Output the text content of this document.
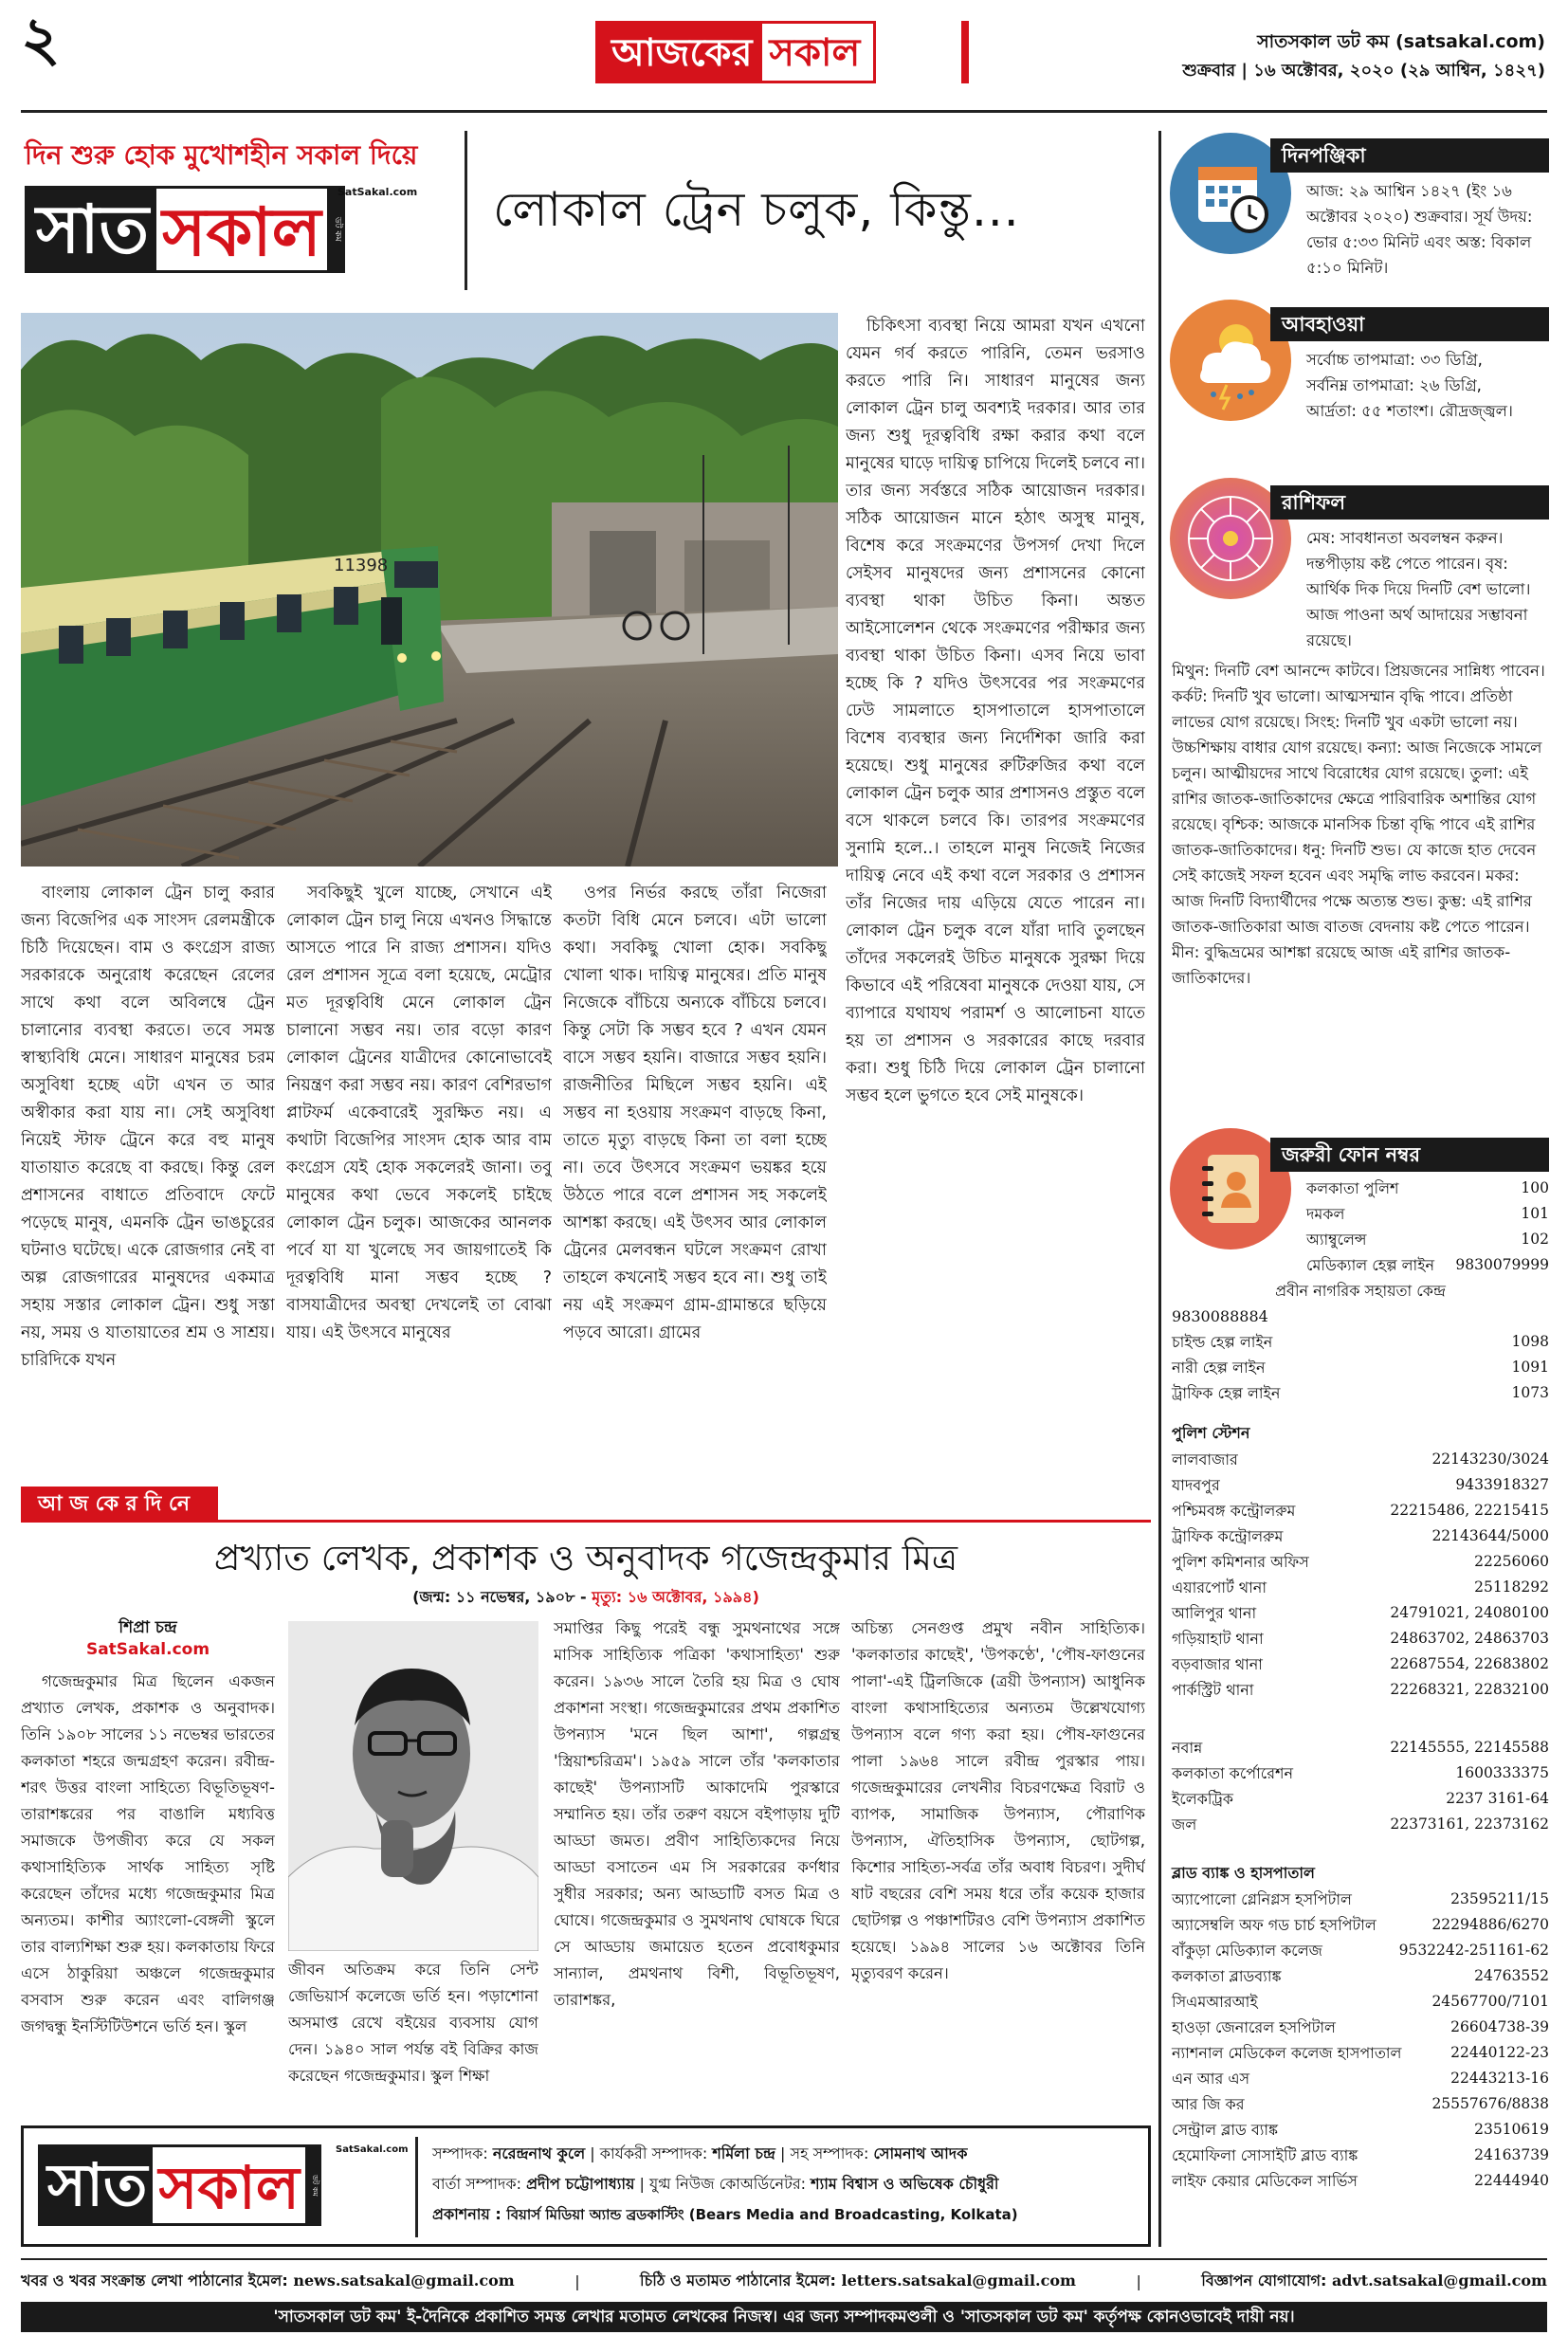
২	আজকের সকাল	সাতসকাল ডট কম (satsakal.com)
শুক্রবার | ১৬ অক্টোবর, ২০২০ (২৯ আশ্বিন, ১৪২৭)
দিন শুরু হোক মুখোশহীন সকাল দিয়ে
সাত সকাল	ডট কম
SatSakal.com লোকাল ট্রেন চলুক, কিন্তু...
11398

বাংলায় লোকাল ট্রেন চালু করার জন্য বিজেপির এক সাংসদ রেলমন্ত্রীকে চিঠি দিয়েছেন। বাম ও কংগ্রেস রাজ্য সরকারকে অনুরোধ করেছেন রেলের সাথে কথা বলে অবিলম্বে ট্রেন চালানোর ব্যবস্থা করতে। তবে সমস্ত স্বাস্থ্যবিধি মেনে। সাধারণ মানুষের চরম অসুবিধা হচ্ছে এটা এখন ত আর অস্বীকার করা যায় না। সেই অসুবিধা নিয়েই স্টাফ ট্রেনে করে বহু মানুষ যাতায়াত করেছে বা করছে। কিন্তু রেল প্রশাসনের বাধাতে প্রতিবাদে ফেটে পড়েছে মানুষ, এমনকি ট্রেন ভাঙচুরের ঘটনাও ঘটেছে। একে রোজগার নেই বা অল্প রোজগারের মানুষদের একমাত্র সহায় সস্তার লোকাল ট্রেন। শুধু সস্তা নয়, সময় ও যাতায়াতের শ্রম ও সাশ্রয়। চারিদিকে যখন

সবকিছুই খুলে যাচ্ছে, সেখানে এই লোকাল ট্রেন চালু নিয়ে এখনও সিদ্ধান্তে আসতে পারে নি রাজ্য প্রশাসন। যদিও রেল প্রশাসন সূত্রে বলা হয়েছে, মেট্রোর মত দূরত্ববিধি মেনে লোকাল ট্রেন চালানো সম্ভব নয়। তার বড়ো কারণ লোকাল ট্রেনের যাত্রীদের কোনোভাবেই নিয়ন্ত্রণ করা সম্ভব নয়। কারণ বেশিরভাগ প্লাটফর্ম একেবারেই সুরক্ষিত নয়। এ কথাটা বিজেপির সাংসদ হোক আর বাম কংগ্রেস যেই হোক সকলেরই জানা। তবু মানুষের কথা ভেবে সকলেই চাইছে লোকাল ট্রেন চলুক। আজকের আনলক পর্বে যা যা খুলেছে সব জায়গাতেই কি দূরত্ববিধি মানা সম্ভব হচ্ছে ? বাসযাত্রীদের অবস্থা দেখলেই তা বোঝা যায়। এই উৎসবে মানুষের

ওপর নির্ভর করছে তাঁরা নিজেরা কতটা বিধি মেনে চলবে। এটা ভালো কথা। সবকিছু খোলা হোক। সবকিছু খোলা থাক। দায়িত্ব মানুষের। প্রতি মানুষ নিজেকে বাঁচিয়ে অন্যকে বাঁচিয়ে চলবে। কিন্তু সেটা কি সম্ভব হবে ? এখন যেমন বাসে সম্ভব হয়নি। বাজারে সম্ভব হয়নি। রাজনীতির মিছিলে সম্ভব হয়নি। এই সম্ভব না হওয়ায় সংক্রমণ বাড়ছে কিনা, তাতে মৃত্যু বাড়ছে কিনা তা বলা হচ্ছে না। তবে উৎসবে সংক্রমণ ভয়ঙ্কর হয়ে উঠতে পারে বলে প্রশাসন সহ সকলেই আশঙ্কা করছে। এই উৎসব আর লোকাল ট্রেনের মেলবন্ধন ঘটলে সংক্রমণ রোখা তাহলে কখনোই সম্ভব হবে না। শুধু তাই নয় এই সংক্রমণ গ্রাম-গ্রামান্তরে ছড়িয়ে পড়বে আরো। গ্রামের

চিকিৎসা ব্যবস্থা নিয়ে আমরা যখন এখনো যেমন গর্ব করতে পারিনি, তেমন ভরসাও করতে পারি নি। সাধারণ মানুষের জন্য লোকাল ট্রেন চালু অবশ্যই দরকার। আর তার জন্য শুধু দূরত্ববিধি রক্ষা করার কথা বলে মানুষের ঘাড়ে দায়িত্ব চাপিয়ে দিলেই চলবে না। তার জন্য সর্বস্তরে সঠিক আয়োজন দরকার। সঠিক আয়োজন মানে হঠাৎ অসুস্থ মানুষ, বিশেষ করে সংক্রমণের উপসর্গ দেখা দিলে সেইসব মানুষদের জন্য প্রশাসনের কোনো ব্যবস্থা থাকা উচিত কিনা। অন্তত আইসোলেশন থেকে সংক্রমণের পরীক্ষার জন্য ব্যবস্থা থাকা উচিত কিনা। এসব নিয়ে ভাবা হচ্ছে কি ? যদিও উৎসবের পর সংক্রমণের ঢেউ সামলাতে হাসপাতালে হাসপাতালে বিশেষ ব্যবস্থার জন্য নির্দেশিকা জারি করা হয়েছে। শুধু মানুষের রুটিরুজির কথা বলে লোকাল ট্রেন চলুক আর প্রশাসনও প্রস্তুত বলে বসে থাকলে চলবে কি। তারপর সংক্রমণের সুনামি হলে..। তাহলে মানুষ নিজেই নিজের দায়িত্ব নেবে এই কথা বলে সরকার ও প্রশাসন তাঁর নিজের দায় এড়িয়ে যেতে পারেন না। লোকাল ট্রেন চলুক বলে যাঁরা দাবি তুলছেন তাঁদের সকলেরই উচিত মানুষকে সুরক্ষা দিয়ে কিভাবে এই পরিষেবা মানুষকে দেওয়া যায়, সে ব্যাপারে যথাযথ পরামর্শ ও আলোচনা যাতে হয় তা প্রশাসন ও সরকারের কাছে দরবার করা। শুধু চিঠি দিয়ে লোকাল ট্রেন চালানো সম্ভব হলে ভুগতে হবে সেই মানুষকে।

আ জ কে র দি নে
প্রখ্যাত লেখক, প্রকাশক ও অনুবাদক গজেন্দ্রকুমার মিত্র
(জন্ম: ১১ নভেম্বর, ১৯০৮ - মৃত্যু: ১৬ অক্টোবর, ১৯৯৪)
শিপ্রা চন্দ্র
SatSakal.com

গজেন্দ্রকুমার মিত্র ছিলেন একজন প্রখ্যাত লেখক, প্রকাশক ও অনুবাদক। তিনি ১৯০৮ সালের ১১ নভেম্বর ভারতের কলকাতা শহরে জন্মগ্রহণ করেন। রবীন্দ্র-শরৎ উত্তর বাংলা সাহিত্যে বিভূতিভূষণ-তারাশঙ্করের পর বাঙালি মধ্যবিত্ত সমাজকে উপজীব্য করে যে সকল কথাসাহিত্যিক সার্থক সাহিত্য সৃষ্টি করেছেন তাঁদের মধ্যে গজেন্দ্রকুমার মিত্র অন্যতম। কাশীর অ্যাংলো-বেঙ্গলী স্কুলে তার বাল্যশিক্ষা শুরু হয়। কলকাতায় ফিরে এসে ঠাকুরিয়া অঞ্চলে গজেন্দ্রকুমার বসবাস শুরু করেন এবং বালিগঞ্জ জগদ্বন্ধু ইনস্টিটিউশনে ভর্তি হন। স্কুল

জীবন অতিক্রম করে তিনি সেন্ট জেভিয়ার্স কলেজে ভর্তি হন। পড়াশোনা অসমাপ্ত রেখে বইয়ের ব্যবসায় যোগ দেন। ১৯৪০ সাল পর্যন্ত বই বিক্রির কাজ করেছেন গজেন্দ্রকুমার। স্কুল শিক্ষা

সমাপ্তির কিছু পরেই বন্ধু সুমথনাথের সঙ্গে মাসিক সাহিত্যিক পত্রিকা 'কথাসাহিত্য' শুরু করেন। ১৯৩৬ সালে তৈরি হয় মিত্র ও ঘোষ প্রকাশনা সংস্থা। গজেন্দ্রকুমারের প্রথম প্রকাশিত উপন্যাস 'মনে ছিল আশা', গল্পগ্রন্থ 'স্ত্রিয়াশ্চরিত্রম'। ১৯৫৯ সালে তাঁর 'কলকাতার কাছেই' উপন্যাসটি আকাদেমি পুরস্কারে সম্মানিত হয়। তাঁর তরুণ বয়সে বইপাড়ায় দুটি আড্ডা জমত। প্রবীণ সাহিত্যিকদের নিয়ে আড্ডা বসাতেন এম সি সরকারের কর্ণধার সুধীর সরকার; অন্য আড্ডাটি বসত মিত্র ও ঘোষে। গজেন্দ্রকুমার ও সুমথনাথ ঘোষকে ঘিরে সে আড্ডায় জমায়েত হতেন প্রবোধকুমার সান্যাল, প্রমথনাথ বিশী, বিভূতিভূষণ, তারাশঙ্কর,

অচিন্ত্য সেনগুপ্ত প্রমুখ নবীন সাহিত্যিক। 'কলকাতার কাছেই', 'উপকণ্ঠে', 'পৌষ-ফাগুনের পালা'-এই ট্রিলজিকে (ত্রয়ী উপন্যাস) আধুনিক বাংলা কথাসাহিত্যের অন্যতম উল্লেখযোগ্য উপন্যাস বলে গণ্য করা হয়। পৌষ-ফাগুনের পালা ১৯৬৪ সালে রবীন্দ্র পুরস্কার পায়। গজেন্দ্রকুমারের লেখনীর বিচরণক্ষেত্র বিরাট ও ব্যাপক, সামাজিক উপন্যাস, পৌরাণিক উপন্যাস, ঐতিহাসিক উপন্যাস, ছোটগল্প, কিশোর সাহিত্য-সর্বত্র তাঁর অবাধ বিচরণ। সুদীর্ঘ ষাট বছরের বেশি সময় ধরে তাঁর কয়েক হাজার ছোটগল্প ও পঞ্চাশটিরও বেশি উপন্যাস প্রকাশিত হয়েছে। ১৯৯৪ সালের ১৬ অক্টোবর তিনি মৃত্যুবরণ করেন।

সাত সকাল	ডট কম
SatSakal.com সম্পাদক: নরেন্দ্রনাথ কুলে | কার্যকরী সম্পাদক: শর্মিলা চন্দ্র | সহ সম্পাদক: সোমনাথ আদক
বার্তা সম্পাদক: প্রদীপ চট্টোপাধ্যায় | যুগ্ম নিউজ কোঅর্ডিনেটর: শ্যাম বিশ্বাস ও অভিষেক চৌধুরী
প্রকাশনায় : বিয়ার্স মিডিয়া অ্যান্ড ব্রডকাস্টিং (Bears Media and Broadcasting, Kolkata)
দিনপঞ্জিকা
আজ: ২৯ আশ্বিন ১৪২৭ (ইং ১৬ অক্টোবর ২০২০) শুক্রবার। সূর্য উদয়: ভোর ৫:৩৩ মিনিট এবং অস্ত: বিকাল ৫:১০ মিনিট।
আবহাওয়া
সর্বোচ্চ তাপমাত্রা: ৩৩ ডিগ্রি,
সর্বনিম্ন তাপমাত্রা: ২৬ ডিগ্রি,
আর্দ্রতা: ৫৫ শতাংশ। রৌদ্রজ্জ্বল।
রাশিফল
মেষ: সাবধানতা অবলম্বন করুন। দন্তপীড়ায় কষ্ট পেতে পারেন। বৃষ: আর্থিক দিক দিয়ে দিনটি বেশ ভালো। আজ পাওনা অর্থ আদায়ের সম্ভাবনা রয়েছে।
মিথুন: দিনটি বেশ আনন্দে কাটবে। প্রিয়জনের সান্নিধ্য পাবেন। কর্কট: দিনটি খুব ভালো। আত্মসম্মান বৃদ্ধি পাবে। প্রতিষ্ঠা লাভের যোগ রয়েছে। সিংহ: দিনটি খুব একটা ভালো নয়। উচ্চশিক্ষায় বাধার যোগ রয়েছে। কন্যা: আজ নিজেকে সামলে চলুন। আত্মীয়দের সাথে বিরোধের যোগ রয়েছে। তুলা: এই রাশির জাতক-জাতিকাদের ক্ষেত্রে পারিবারিক অশান্তির যোগ রয়েছে। বৃশ্চিক: আজকে মানসিক চিন্তা বৃদ্ধি পাবে এই রাশির জাতক-জাতিকাদের। ধনু: দিনটি শুভ। যে কাজে হাত দেবেন সেই কাজেই সফল হবেন এবং সমৃদ্ধি লাভ করবেন। মকর: আজ দিনটি বিদ্যার্থীদের পক্ষে অত্যন্ত শুভ। কুম্ভ: এই রাশির জাতক-জাতিকারা আজ বাতজ বেদনায় কষ্ট পেতে পারেন। মীন: বুদ্ধিভ্রমের আশঙ্কা রয়েছে আজ এই রাশির জাতক-জাতিকাদের।
জরুরী ফোন নম্বর
কলকাতা পুলিশ	100
দমকল	101
অ্যাম্বুলেন্স	102
মেডিক্যাল হেল্প লাইন 9830079999
প্রবীন নাগরিক সহায়তা কেন্দ্র
9830088884
চাইল্ড হেল্প লাইন	1098
নারী হেল্প লাইন	1091
ট্রাফিক হেল্প লাইন	1073
পুলিশ স্টেশন
লালবাজার	22143230/3024
যাদবপুর	9433918327
পশ্চিমবঙ্গ কন্ট্রোলরুম	22215486, 22215415
ট্রাফিক কন্ট্রোলরুম	22143644/5000
পুলিশ কমিশনার অফিস	22256060
এয়ারপোর্ট থানা	25118292
আলিপুর থানা	24791021, 24080100
গড়িয়াহাট থানা	24863702, 24863703
বড়বাজার থানা	22687554, 22683802
পার্কস্ট্রিট থানা	22268321, 22832100
নবান্ন	22145555, 22145588
কলকাতা কর্পোরেশন	1600333375
ইলেকট্রিক	2237 3161-64
জল	22373161, 22373162
ব্লাড ব্যাঙ্ক ও হাসপাতাল
অ্যাপোলো গ্লেনিগ্লস হসপিটাল	23595211/15
অ্যাসেম্বলি অফ গড চার্চ হসপিটাল	22294886/6270
বাঁকুড়া মেডিক্যাল কলেজ	9532242-251161-62
কলকাতা ব্লাডব্যাঙ্ক	24763552
সিএমআরআই	24567700/7101
হাওড়া জেনারেল হসপিটাল	26604738-39
ন্যাশনাল মেডিকেল কলেজ হাসপাতাল	22440122-23
এন আর এস	22443213-16
আর জি কর	25557676/8838
সেন্ট্রাল ব্লাড ব্যাঙ্ক	23510619
হেমোফিলা সোসাইটি ব্লাড ব্যাঙ্ক	24163739
লাইফ কেয়ার মেডিকেল সার্ভিস	22444940
খবর ও খবর সংক্রান্ত লেখা পাঠানোর ইমেল: news.satsakal@gmail.com	|	চিঠি ও মতামত পাঠানোর ইমেল: letters.satsakal@gmail.com	|	বিজ্ঞাপন যোগাযোগ: advt.satsakal@gmail.com
'সাতসকাল ডট কম' ই-দৈনিকে প্রকাশিত সমস্ত লেখার মতামত লেখকের নিজস্ব। এর জন্য সম্পাদকমণ্ডলী ও 'সাতসকাল ডট কম' কর্তৃপক্ষ কোনওভাবেই দায়ী নয়।
